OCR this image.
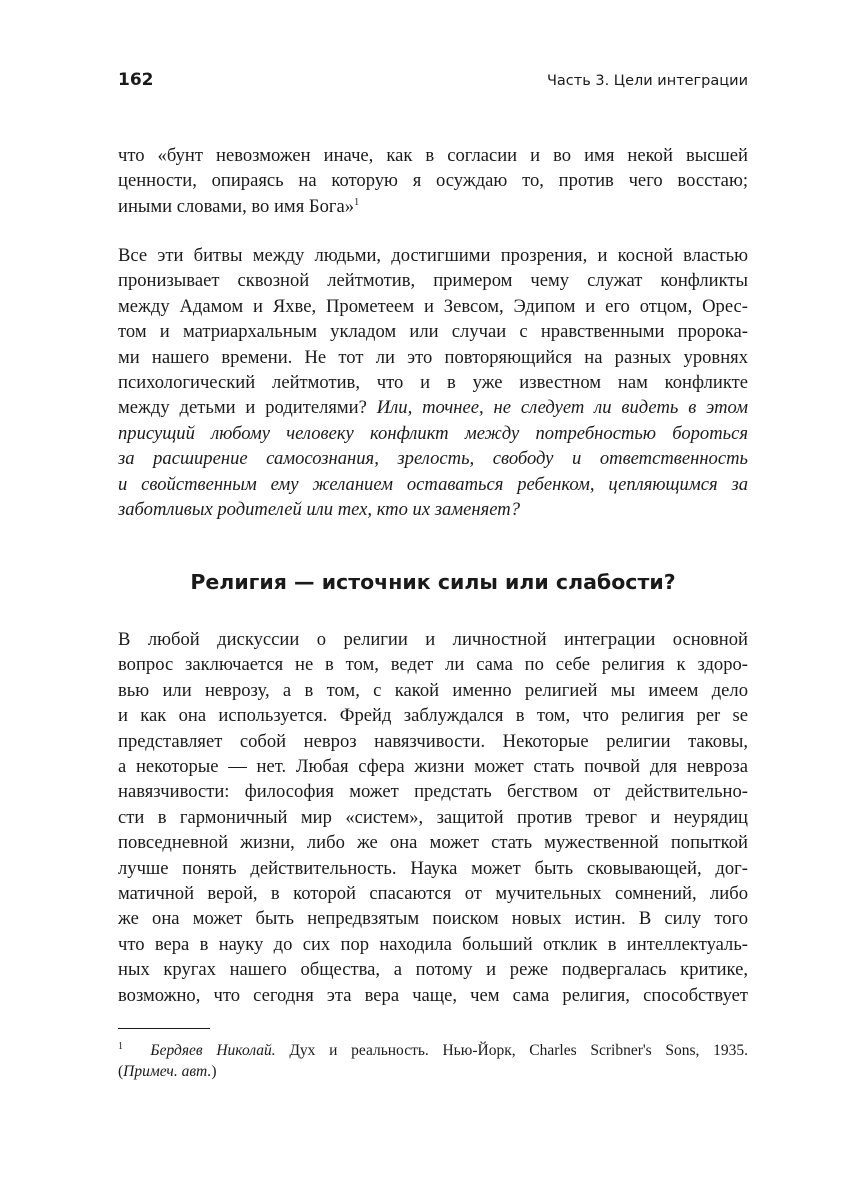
162	Часть 3. Цели интеграции
что «бунт невозможен иначе, как в согласии и во имя некой высшей
ценности, опираясь на которую я осуждаю то, против чего восстаю;
иными словами, во имя Бога»$^1$
Все эти битвы между людьми, достигшими прозрения, и косной властью
пронизывает сквозной лейтмотив, примером чему служат конфликты
между Адамом и Яхве, Прометеем и Зевсом, Эдипом и его отцом, Орес-
том и матриархальным укладом или случаи с нравственными пророка-
ми нашего времени. Не тот ли это повторяющийся на разных уровнях
психологический лейтмотив, что и в уже известном нам конфликте
между детьми и родителями? Или, точнее, не следует ли видеть в этом
присущий любому человеку конфликт между потребностью бороться
за расширение самосознания, зрелость, свободу и ответственность
и свойственным ему желанием оставаться ребенком, цепляющимся за
заботливых родителей или тех, кто их заменяет?
Религия — источник силы или слабости?
В любой дискуссии о религии и личностной интеграции основной
вопрос заключается не в том, ведет ли сама по себе религия к здоро-
вью или неврозу, а в том, с какой именно религией мы имеем дело
и как она используется. Фрейд заблуждался в том, что религия per se
представляет собой невроз навязчивости. Некоторые религии таковы,
а некоторые — нет. Любая сфера жизни может стать почвой для невроза
навязчивости: философия может предстать бегством от действительно-
сти в гармоничный мир «систем», защитой против тревог и неурядиц
повседневной жизни, либо же она может стать мужественной попыткой
лучше понять действительность. Наука может быть сковывающей, дог-
матичной верой, в которой спасаются от мучительных сомнений, либо
же она может быть непредвзятым поиском новых истин. В силу того
что вера в науку до сих пор находила больший отклик в интеллектуаль-
ных кругах нашего общества, а потому и реже подвергалась критике,
возможно, что сегодня эта вера чаще, чем сама религия, способствует
$^1$ Бердяев Николай. Дух и реальность. Нью-Йорк, Charles Scribner's Sons, 1935.
(Примеч. авт.)
